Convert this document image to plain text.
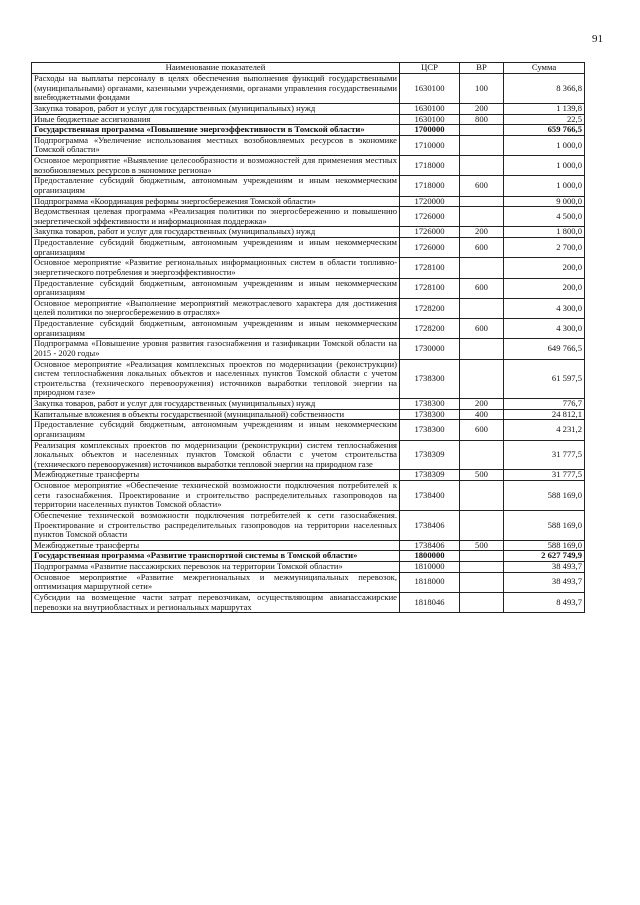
91
Наименование показателей	ЦСР	ВР	Сумма
Расходы на выплаты персоналу в целях обеспечения выполнения функций государственными (муниципальными) органами, казенными учреждениями, органами управления государственными внебюджетными фондами	1630100	100	8 366,8
Закупка товаров, работ и услуг для государственных (муниципальных) нужд	1630100	200	1 139,8
Иные бюджетные ассигнования	1630100	800	22,5
Государственная программа «Повышение энергоэффективности в Томской области»	1700000		659 766,5
Подпрограмма «Увеличение использования местных возобновляемых ресурсов в экономике Томской области»	1710000		1 000,0
Основное мероприятие «Выявление целесообразности и возможностей для применения местных возобновляемых ресурсов в экономике региона»	1718000		1 000,0
Предоставление субсидий бюджетным, автономным учреждениям и иным некоммерческим организациям	1718000	600	1 000,0
Подпрограмма «Координация реформы энергосбережения Томской области»	1720000		9 000,0
Ведомственная целевая программа «Реализация политики по энергосбережению и повышению энергетической эффективности и информационная поддержка»	1726000		4 500,0
Закупка товаров, работ и услуг для государственных (муниципальных) нужд	1726000	200	1 800,0
Предоставление субсидий бюджетным, автономным учреждениям и иным некоммерческим организациям	1726000	600	2 700,0
Основное мероприятие «Развитие региональных информационных систем в области топливно-энергетического потребления и энергоэффективности»	1728100		200,0
Предоставление субсидий бюджетным, автономным учреждениям и иным некоммерческим организациям	1728100	600	200,0
Основное мероприятие «Выполнение мероприятий межотраслевого характера для достижения целей политики по энергосбережению в отраслях»	1728200		4 300,0
Предоставление субсидий бюджетным, автономным учреждениям и иным некоммерческим организациям	1728200	600	4 300,0
Подпрограмма «Повышение уровня развития газоснабжения и газификации Томской области на 2015 - 2020 годы»	1730000		649 766,5
Основное мероприятие «Реализация комплексных проектов по модернизации (реконструкции) систем теплоснабжения локальных объектов и населенных пунктов Томской области с учетом строительства (технического перевооружения) источников выработки тепловой энергии на природном газе»	1738300		61 597,5
Закупка товаров, работ и услуг для государственных (муниципальных) нужд	1738300	200	776,7
Капитальные вложения в объекты государственной (муниципальной) собственности	1738300	400	24 812,1
Предоставление субсидий бюджетным, автономным учреждениям и иным некоммерческим организациям	1738300	600	4 231,2
Реализация комплексных проектов по модернизации (реконструкции) систем теплоснабжения локальных объектов и населенных пунктов Томской области с учетом строительства (технического перевооружения) источников выработки тепловой энергии на природном газе	1738309		31 777,5
Межбюджетные трансферты	1738309	500	31 777,5
Основное мероприятие «Обеспечение технической возможности подключения потребителей к сети газоснабжения. Проектирование и строительство распределительных газопроводов на территории населенных пунктов Томской области»	1738400		588 169,0
Обеспечение технической возможности подключения потребителей к сети газоснабжения. Проектирование и строительство распределительных газопроводов на территории населенных пунктов Томской области	1738406		588 169,0
Межбюджетные трансферты	1738406	500	588 169,0
Государственная программа «Развитие транспортной системы в Томской области»	1800000		2 627 749,9
Подпрограмма «Развитие пассажирских перевозок на территории Томской области»	1810000		38 493,7
Основное мероприятие «Развитие межрегиональных и межмуниципальных перевозок, оптимизация маршрутной сети»	1818000		38 493,7
Субсидии на возмещение части затрат перевозчикам, осуществляющим авиапассажирские перевозки на внутриобластных и региональных маршрутах	1818046		8 493,7
